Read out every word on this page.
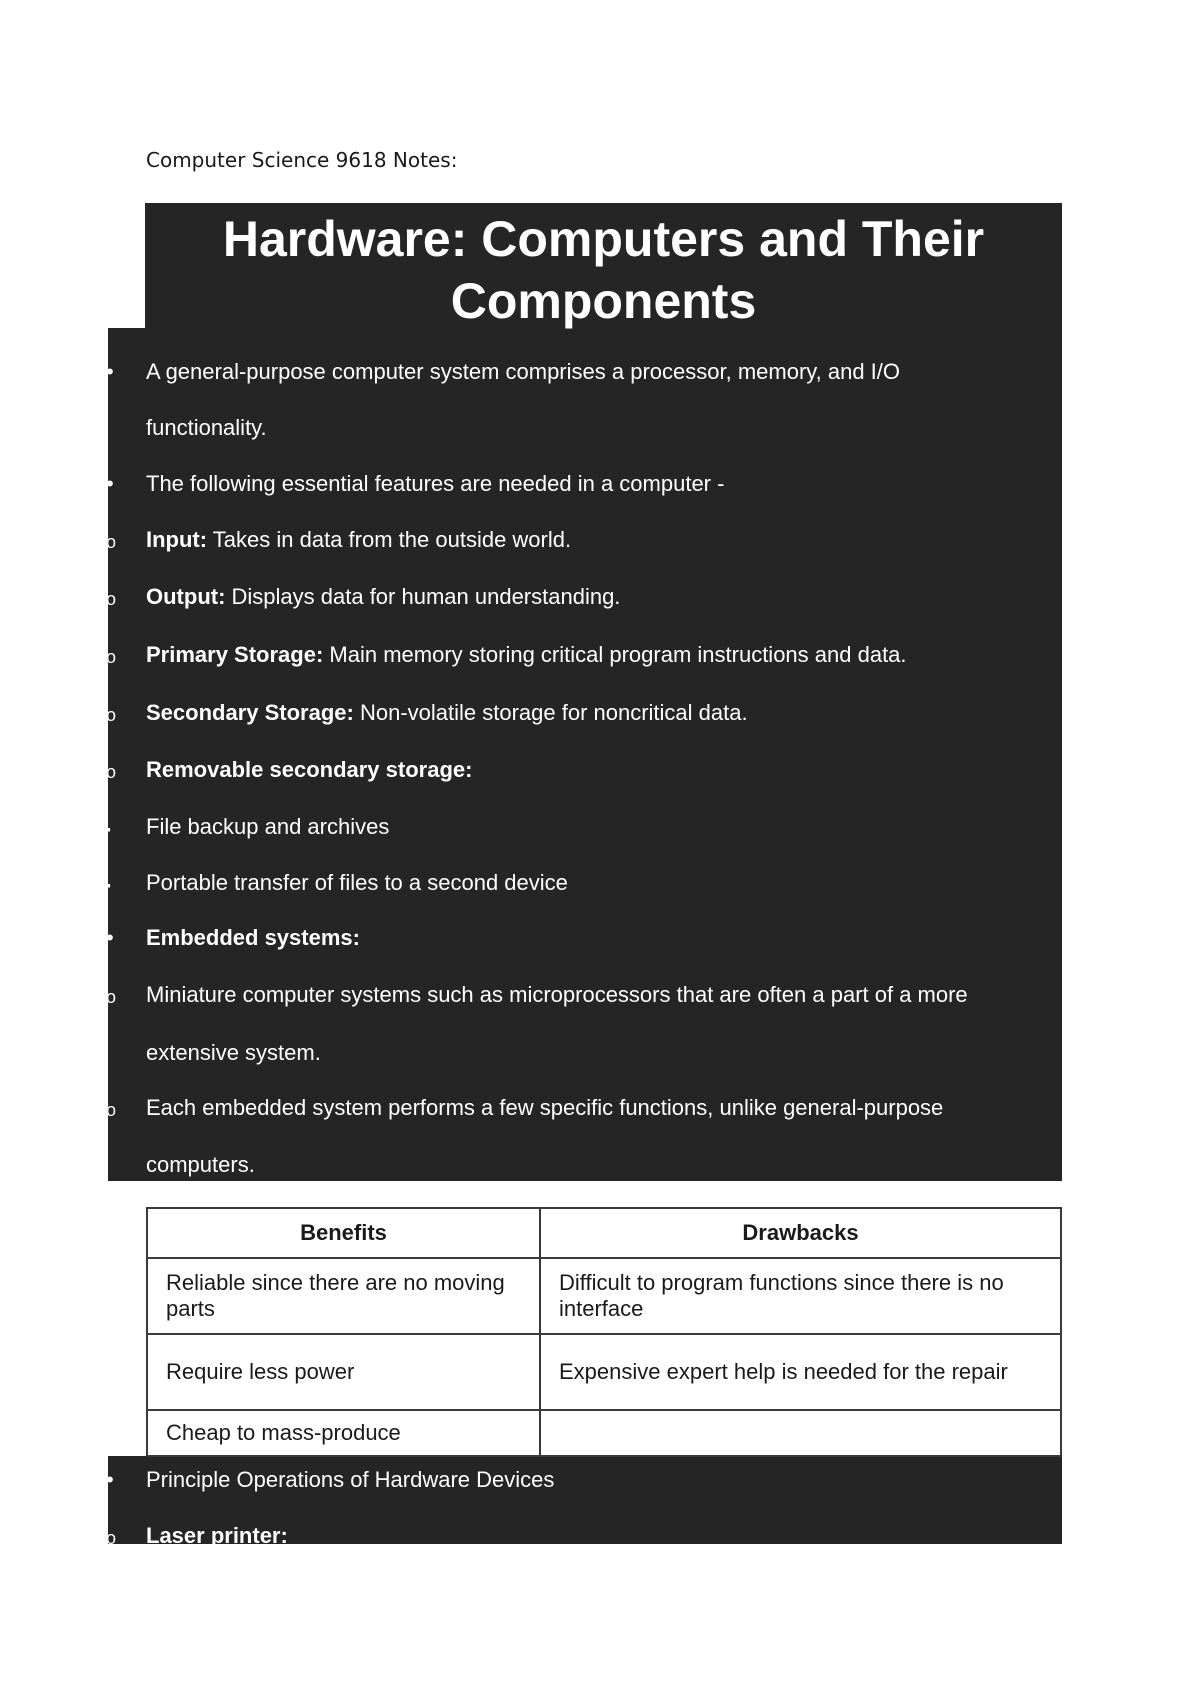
Computer Science 9618 Notes:
Hardware: Computers and Their
Components
•	A general-purpose computer system comprises a processor, memory, and I/O
functionality.
•	The following essential features are needed in a computer -
o	Input: Takes in data from the outside world.
o	Output: Displays data for human understanding.
o	Primary Storage: Main memory storing critical program instructions and data.
o	Secondary Storage: Non-volatile storage for noncritical data.
o	Removable secondary storage:
▪	File backup and archives
▪	Portable transfer of files to a second device
•	Embedded systems:
o	Miniature computer systems such as microprocessors that are often a part of a more
extensive system.
o	Each embedded system performs a few specific functions, unlike general-purpose
computers.
Benefits	Drawbacks
Reliable since there are no moving parts	Difficult to program functions since there is no interface
Require less power	Expensive expert help is needed for the repair
Cheap to mass-produce	
•	Principle Operations of Hardware Devices
o	Laser printer:
